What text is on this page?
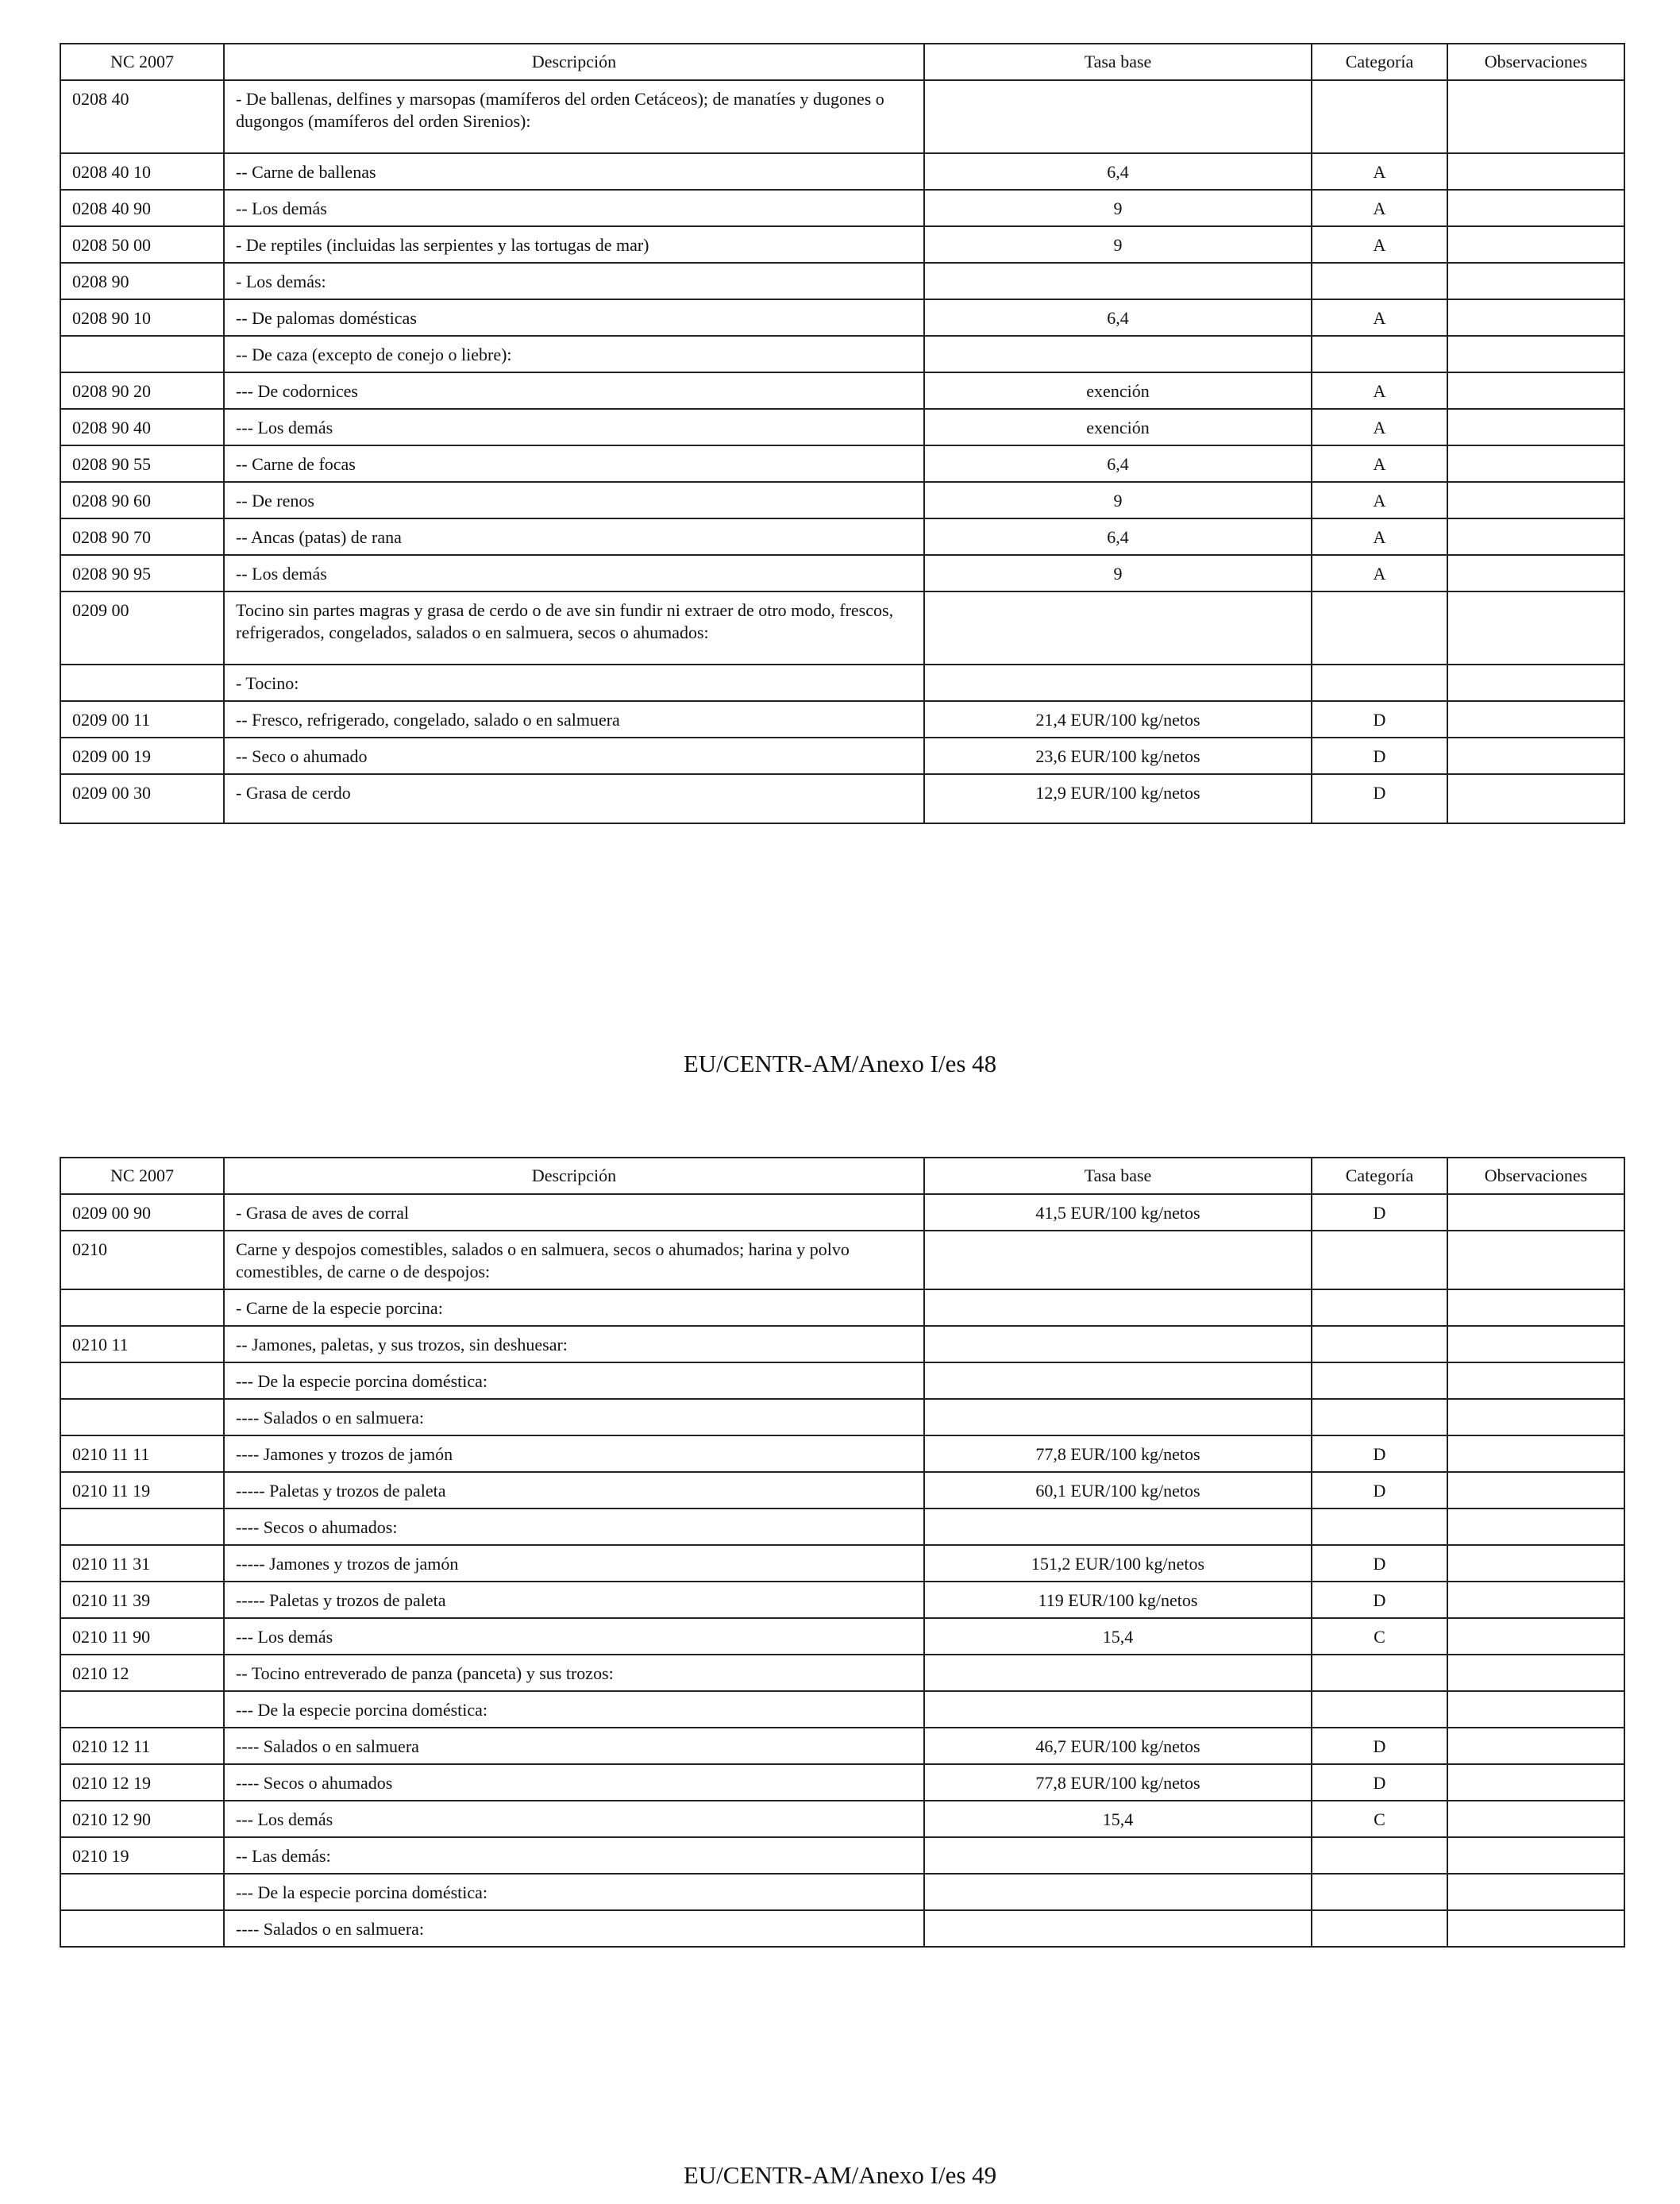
NC 2007	Descripción	Tasa base	Categoría	Observaciones
0208 40	- De ballenas, delfines y marsopas (mamíferos del orden Cetáceos); de manatíes y dugones o dugongos (mamíferos del orden Sirenios):			
0208 40 10	-- Carne de ballenas	6,4	A	
0208 40 90	-- Los demás	9	A	
0208 50 00	- De reptiles (incluidas las serpientes y las tortugas de mar)	9	A	
0208 90	- Los demás:			
0208 90 10	-- De palomas domésticas	6,4	A	
	-- De caza (excepto de conejo o liebre):			
0208 90 20	--- De codornices	exención	A	
0208 90 40	--- Los demás	exención	A	
0208 90 55	-- Carne de focas	6,4	A	
0208 90 60	-- De renos	9	A	
0208 90 70	-- Ancas (patas) de rana	6,4	A	
0208 90 95	-- Los demás	9	A	
0209 00	Tocino sin partes magras y grasa de cerdo o de ave sin fundir ni extraer de otro modo, frescos, refrigerados, congelados, salados o en salmuera, secos o ahumados:			
	- Tocino:			
0209 00 11	-- Fresco, refrigerado, congelado, salado o en salmuera	21,4 EUR/100 kg/netos	D	
0209 00 19	-- Seco o ahumado	23,6 EUR/100 kg/netos	D	
0209 00 30	- Grasa de cerdo	12,9 EUR/100 kg/netos	D	
EU/CENTR-AM/Anexo I/es 48
NC 2007	Descripción	Tasa base	Categoría	Observaciones
0209 00 90	- Grasa de aves de corral	41,5 EUR/100 kg/netos	D	
0210	Carne y despojos comestibles, salados o en salmuera, secos o ahumados; harina y polvo comestibles, de carne o de despojos:			
	- Carne de la especie porcina:			
0210 11	-- Jamones, paletas, y sus trozos, sin deshuesar:			
	--- De la especie porcina doméstica:			
	---- Salados o en salmuera:			
0210 11 11	---- Jamones y trozos de jamón	77,8 EUR/100 kg/netos	D	
0210 11 19	----- Paletas y trozos de paleta	60,1 EUR/100 kg/netos	D	
	---- Secos o ahumados:			
0210 11 31	----- Jamones y trozos de jamón	151,2 EUR/100 kg/netos	D	
0210 11 39	----- Paletas y trozos de paleta	119 EUR/100 kg/netos	D	
0210 11 90	--- Los demás	15,4	C	
0210 12	-- Tocino entreverado de panza (panceta) y sus trozos:			
	--- De la especie porcina doméstica:			
0210 12 11	---- Salados o en salmuera	46,7 EUR/100 kg/netos	D	
0210 12 19	---- Secos o ahumados	77,8 EUR/100 kg/netos	D	
0210 12 90	--- Los demás	15,4	C	
0210 19	-- Las demás:			
	--- De la especie porcina doméstica:			
	---- Salados o en salmuera:			
EU/CENTR-AM/Anexo I/es 49
